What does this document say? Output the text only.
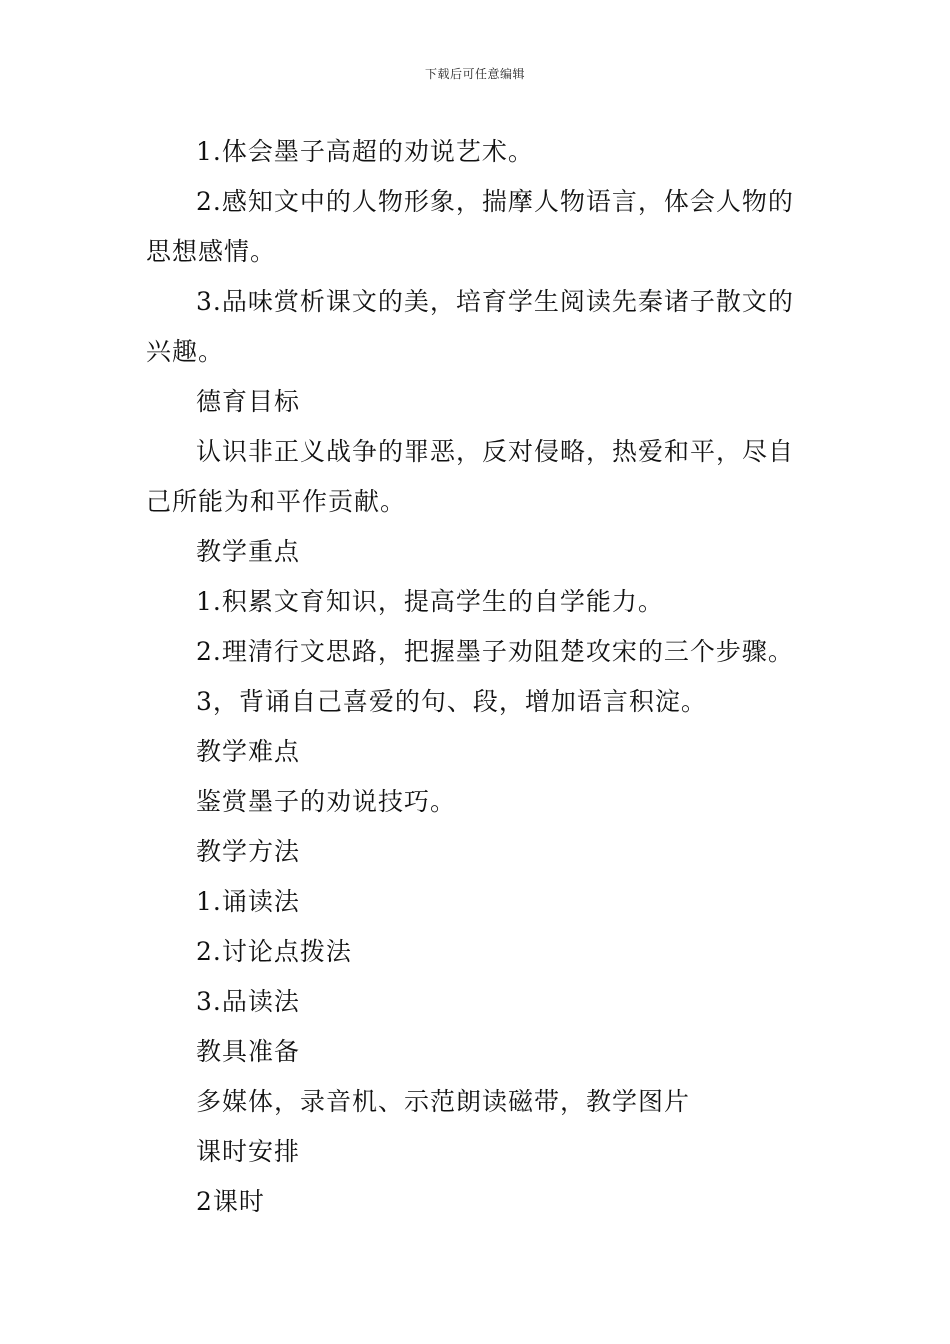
下载后可任意编辑

1.体会墨子高超的劝说艺术。

2.感知文中的人物形象，揣摩人物语言，体会人物的思想感情。

3.品味赏析课文的美，培育学生阅读先秦诸子散文的兴趣。

德育目标

认识非正义战争的罪恶，反对侵略，热爱和平，尽自己所能为和平作贡献。

教学重点

1.积累文育知识，提高学生的自学能力。

2.理清行文思路，把握墨子劝阻楚攻宋的三个步骤。

3，背诵自己喜爱的句、段，增加语言积淀。

教学难点

鉴赏墨子的劝说技巧。

教学方法

1.诵读法

2.讨论点拨法

3.品读法

教具准备

多媒体，录音机、示范朗读磁带，教学图片

课时安排

2课时
